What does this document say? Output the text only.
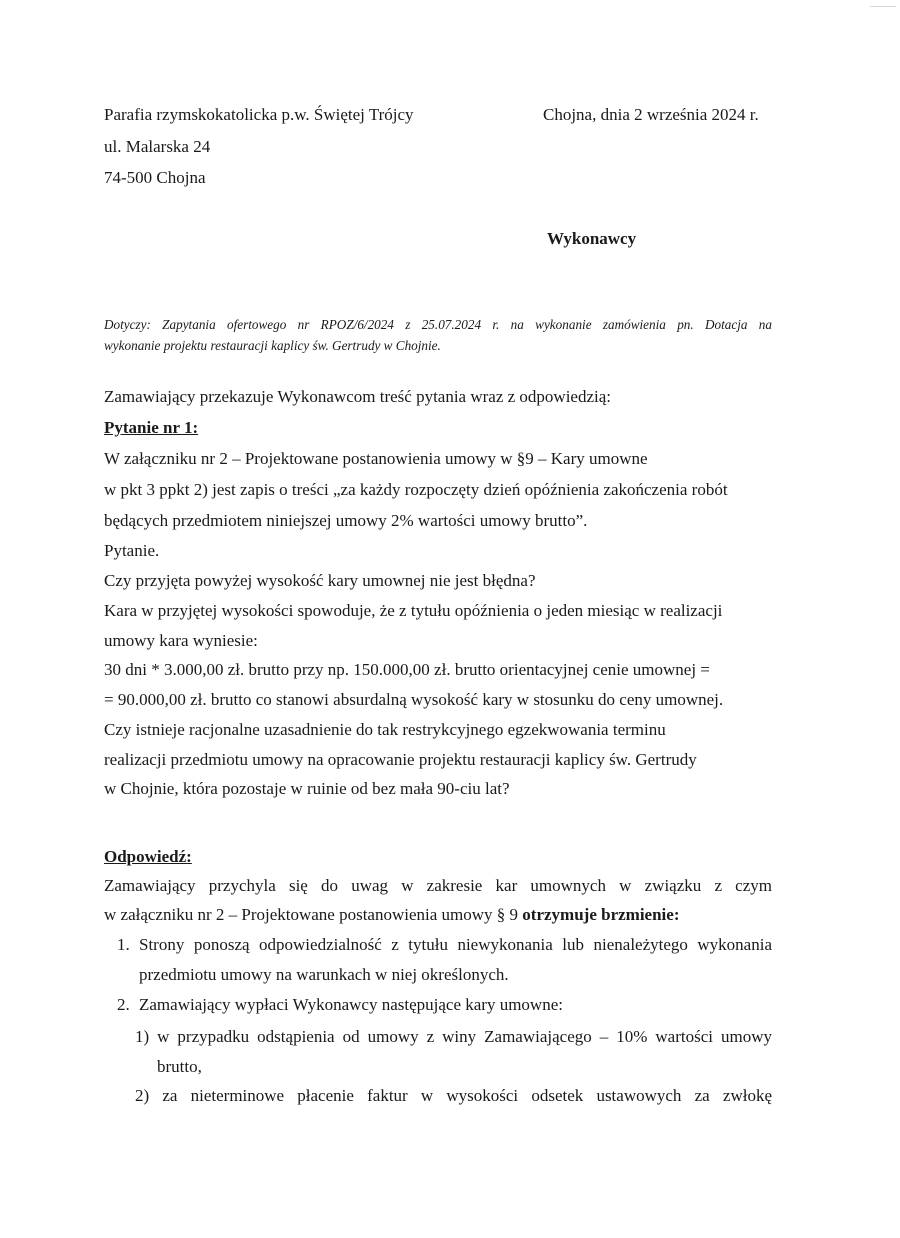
Parafia rzymskokatolicka p.w. Świętej Trójcy
ul. Malarska 24
74-500 Chojna
Chojna, dnia 2 września 2024 r.
Wykonawcy
Dotyczy: Zapytania ofertowego nr RPOZ/6/2024 z 25.07.2024 r. na wykonanie zamówienia pn. Dotacja na
wykonanie projektu restauracji kaplicy św. Gertrudy w Chojnie.
Zamawiający przekazuje Wykonawcom treść pytania wraz z odpowiedzią:
Pytanie nr 1:
W załączniku nr 2 – Projektowane postanowienia umowy w §9 – Kary umowne
w pkt 3 ppkt 2) jest zapis o treści „za każdy rozpoczęty dzień opóźnienia zakończenia robót
będących przedmiotem niniejszej umowy 2% wartości umowy brutto”.
Pytanie.
Czy przyjęta powyżej wysokość kary umownej nie jest błędna?
Kara w przyjętej wysokości spowoduje, że z tytułu opóźnienia o jeden miesiąc w realizacji
umowy kara wyniesie:
30 dni * 3.000,00 zł. brutto przy np. 150.000,00 zł. brutto orientacyjnej cenie umownej =
= 90.000,00 zł. brutto co stanowi absurdalną wysokość kary w stosunku do ceny umownej.
Czy istnieje racjonalne uzasadnienie do tak restrykcyjnego egzekwowania terminu
realizacji przedmiotu umowy na opracowanie projektu restauracji kaplicy św. Gertrudy
w Chojnie, która pozostaje w ruinie od bez mała 90-ciu lat?
Odpowiedź:
Zamawiający przychyla się do uwag w zakresie kar umownych w związku z czym
w załączniku nr 2 – Projektowane postanowienia umowy § 9 otrzymuje brzmienie:
1. Strony ponoszą odpowiedzialność z tytułu niewykonania lub nienależytego wykonania
przedmiotu umowy na warunkach w niej określonych.
2. Zamawiający wypłaci Wykonawcy następujące kary umowne:
1) w przypadku odstąpienia od umowy z winy Zamawiającego – 10% wartości umowy
brutto,
2) za nieterminowe płacenie faktur w wysokości odsetek ustawowych za zwłokę
